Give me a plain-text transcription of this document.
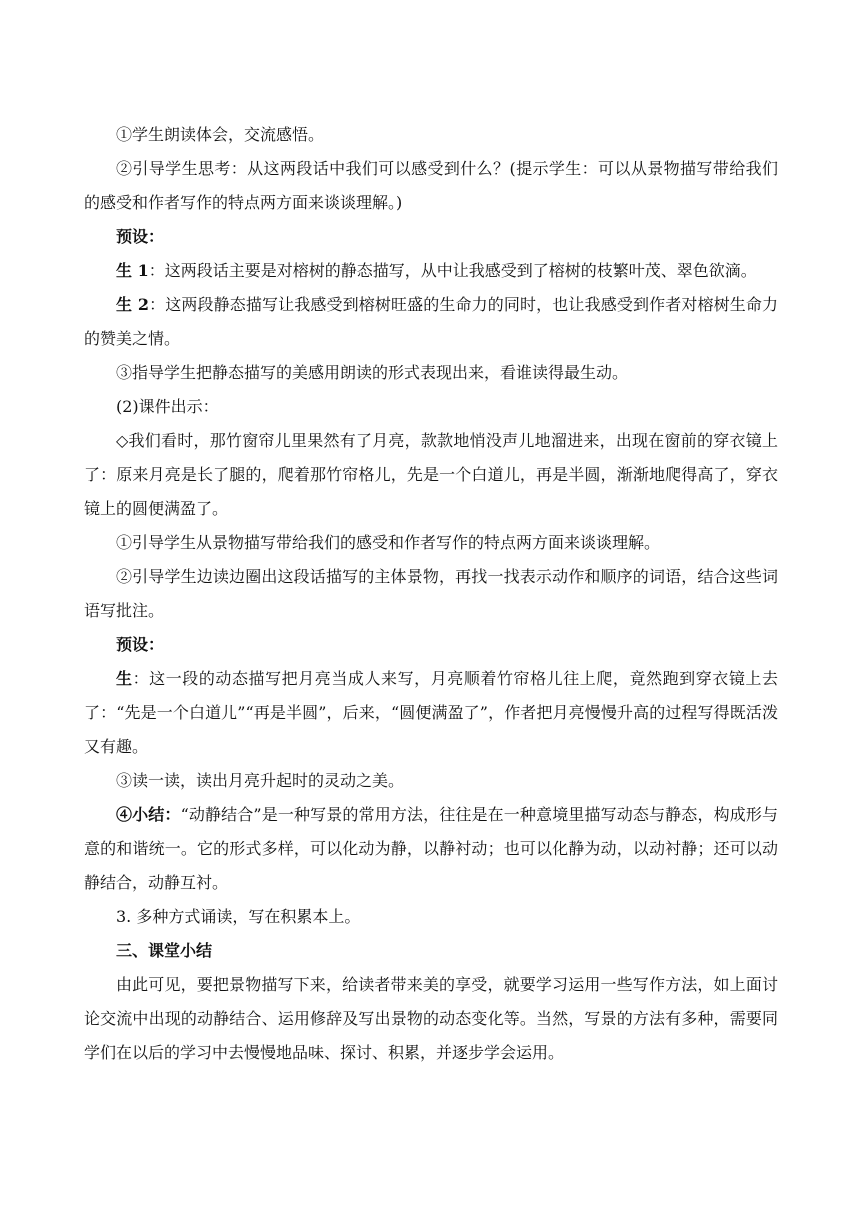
①学生朗读体会，交流感悟。

②引导学生思考：从这两段话中我们可以感受到什么？(提示学生：可以从景物描写带给我们的感受和作者写作的特点两方面来谈谈理解。)

预设：

生 1：这两段话主要是对榕树的静态描写，从中让我感受到了榕树的枝繁叶茂、翠色欲滴。

生 2：这两段静态描写让我感受到榕树旺盛的生命力的同时，也让我感受到作者对榕树生命力的赞美之情。

③指导学生把静态描写的美感用朗读的形式表现出来，看谁读得最生动。

(2)课件出示：

◇我们看时，那竹窗帘儿里果然有了月亮，款款地悄没声儿地溜进来，出现在窗前的穿衣镜上了：原来月亮是长了腿的，爬着那竹帘格儿，先是一个白道儿，再是半圆，渐渐地爬得高了，穿衣镜上的圆便满盈了。

①引导学生从景物描写带给我们的感受和作者写作的特点两方面来谈谈理解。

②引导学生边读边圈出这段话描写的主体景物，再找一找表示动作和顺序的词语，结合这些词语写批注。

预设：

生：这一段的动态描写把月亮当成人来写，月亮顺着竹帘格儿往上爬，竟然跑到穿衣镜上去了：“先是一个白道儿”“再是半圆”，后来，“圆便满盈了”，作者把月亮慢慢升高的过程写得既活泼又有趣。

③读一读，读出月亮升起时的灵动之美。

④小结：“动静结合”是一种写景的常用方法，往往是在一种意境里描写动态与静态，构成形与意的和谐统一。它的形式多样，可以化动为静，以静衬动；也可以化静为动，以动衬静；还可以动静结合，动静互衬。

3. 多种方式诵读，写在积累本上。

三、课堂小结

由此可见，要把景物描写下来，给读者带来美的享受，就要学习运用一些写作方法，如上面讨论交流中出现的动静结合、运用修辞及写出景物的动态变化等。当然，写景的方法有多种，需要同学们在以后的学习中去慢慢地品味、探讨、积累，并逐步学会运用。
